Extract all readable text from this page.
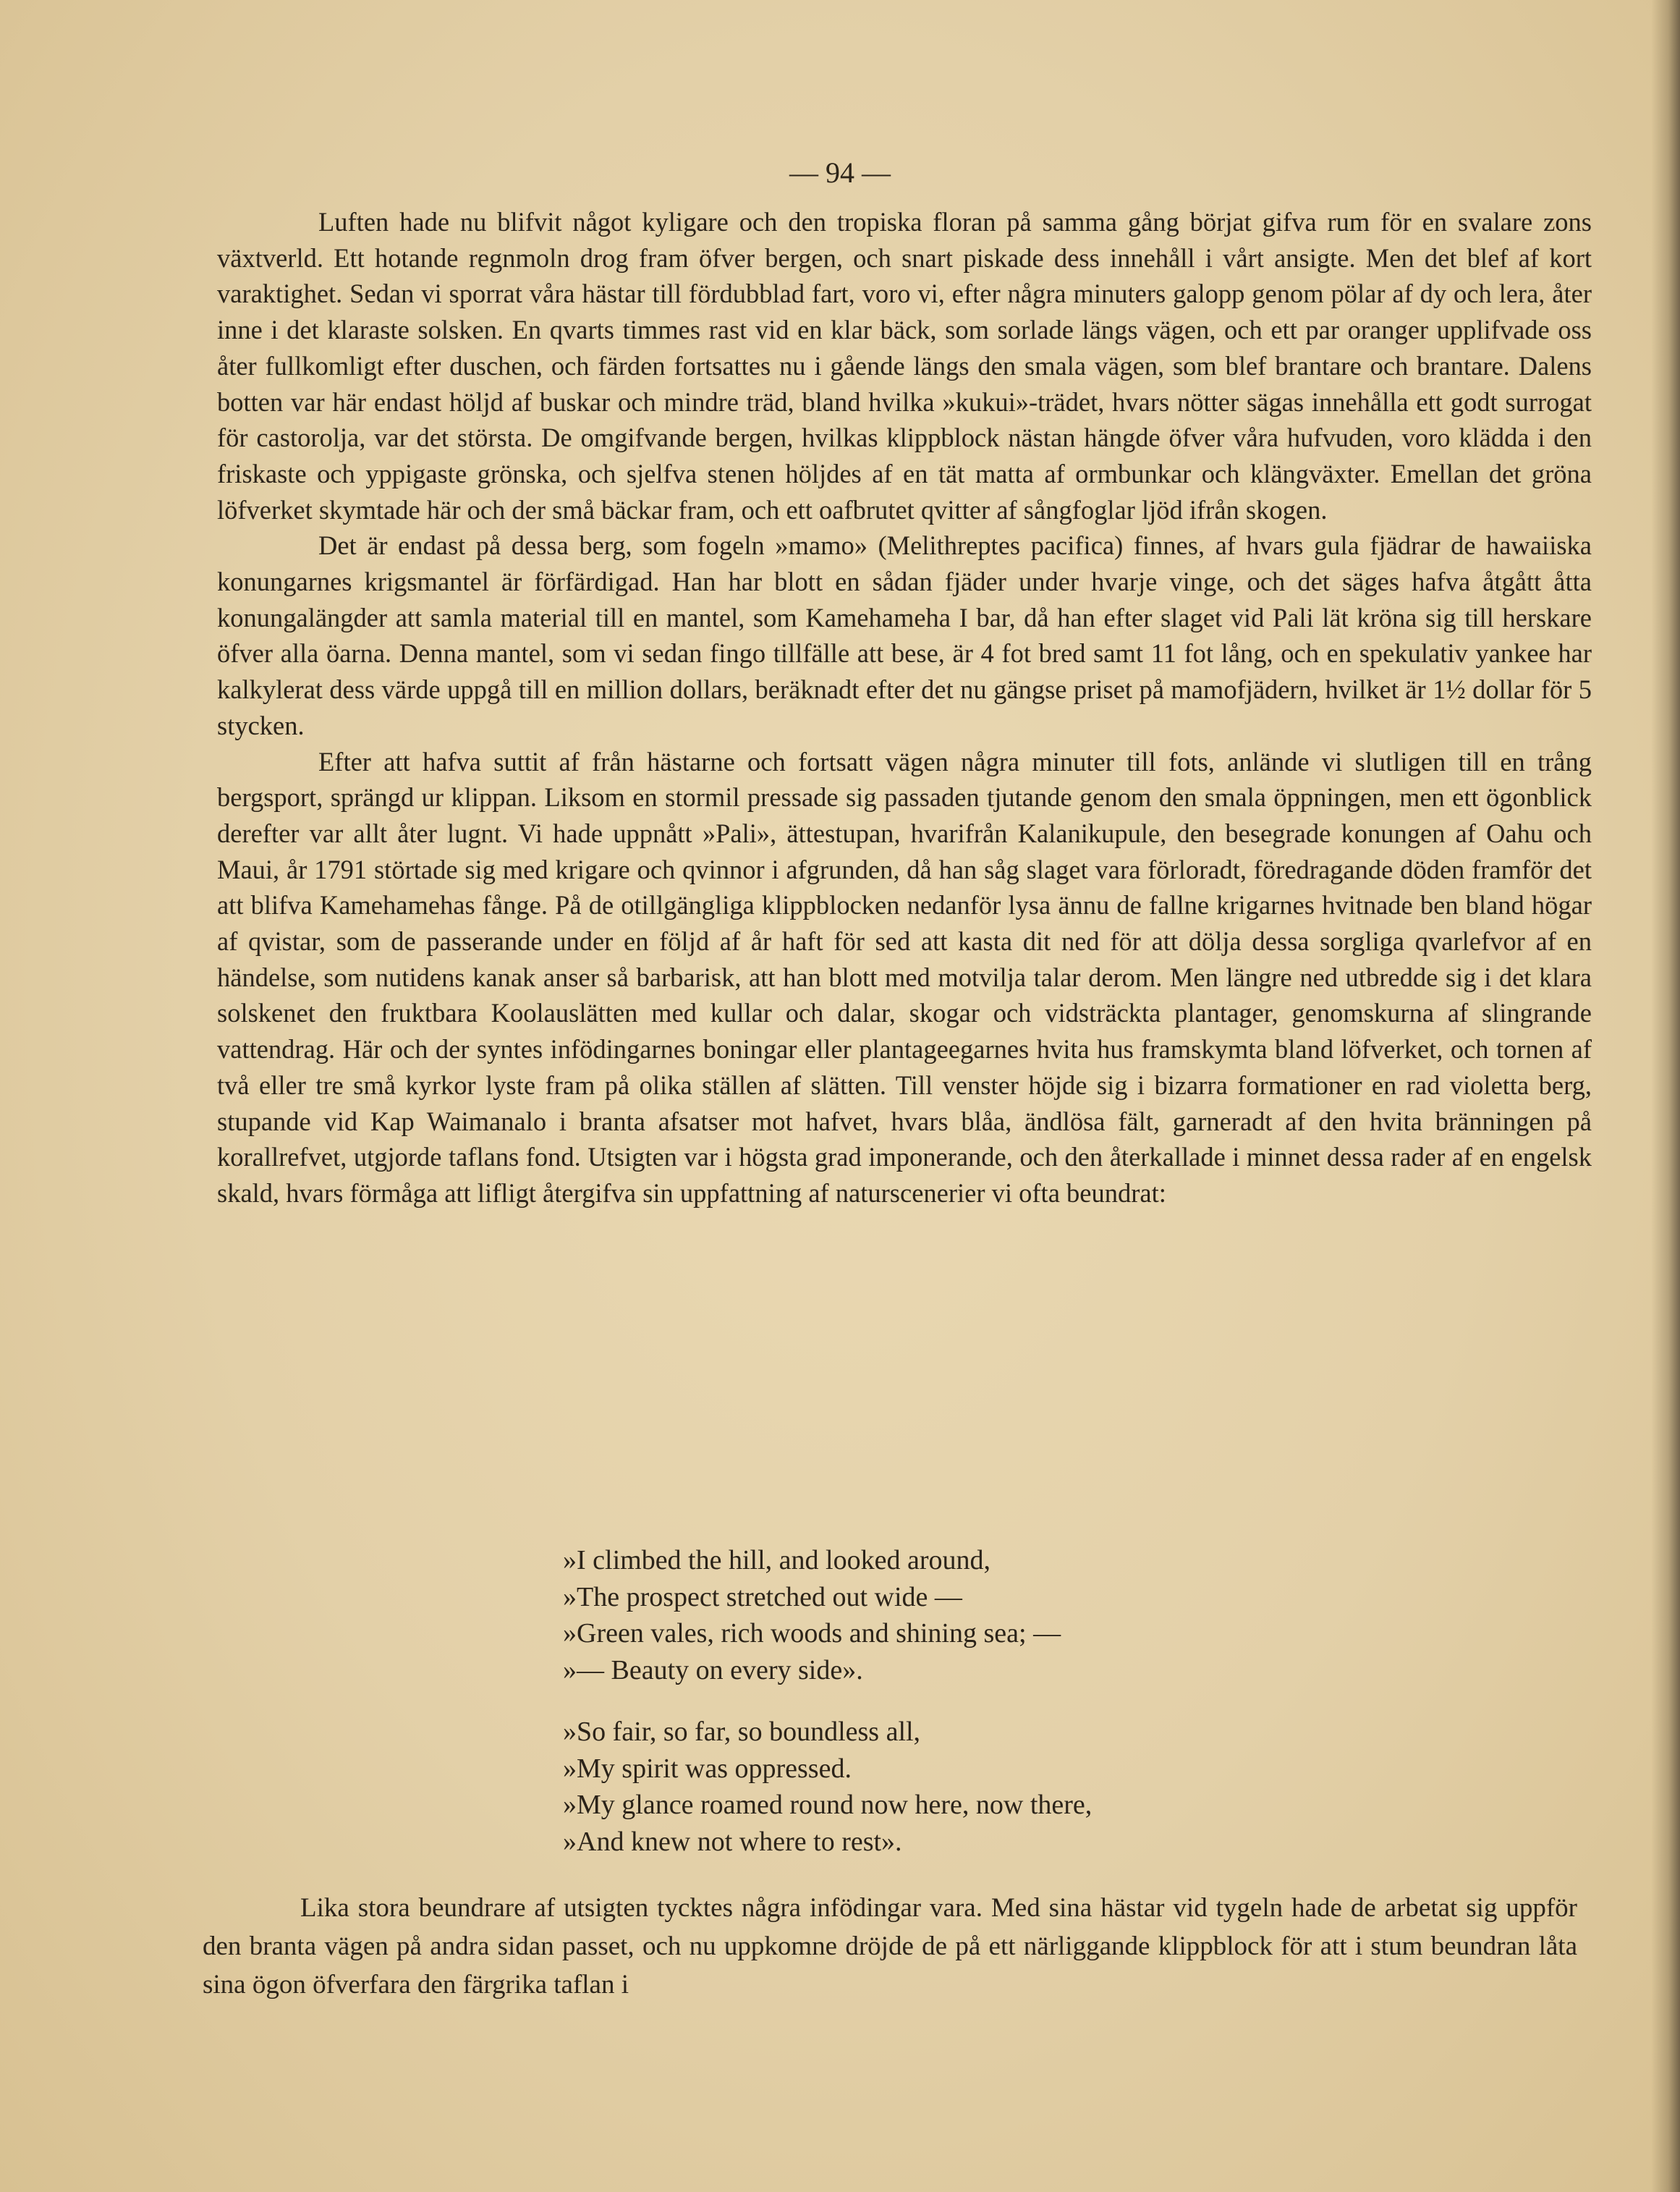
— 94 —

Luften hade nu blifvit något kyligare och den tropiska floran på samma gång börjat gifva rum för en svalare zons växtverld. Ett hotande regnmoln drog fram öfver bergen, och snart piskade dess innehåll i vårt ansigte. Men det blef af kort varaktighet. Sedan vi sporrat våra hästar till fördubblad fart, voro vi, efter några minuters galopp genom pölar af dy och lera, åter inne i det klaraste solsken. En qvarts timmes rast vid en klar bäck, som sorlade längs vägen, och ett par oranger upplifvade oss åter fullkomligt efter duschen, och färden fortsattes nu i gående längs den smala vägen, som blef brantare och brantare. Dalens botten var här endast höljd af buskar och mindre träd, bland hvilka »kukui»-trädet, hvars nötter sägas innehålla ett godt surrogat för castorolja, var det största. De omgifvande bergen, hvilkas klippblock nästan hängde öfver våra hufvuden, voro klädda i den friskaste och yppigaste grönska, och sjelfva stenen höljdes af en tät matta af ormbunkar och klängväxter. Emellan det gröna löfverket skymtade här och der små bäckar fram, och ett oafbrutet qvitter af sångfoglar ljöd ifrån skogen.

Det är endast på dessa berg, som fogeln »mamo» (Melithreptes pacifica) finnes, af hvars gula fjädrar de hawaiiska konungarnes krigsmantel är förfärdigad. Han har blott en sådan fjäder under hvarje vinge, och det säges hafva åtgått åtta konungalängder att samla material till en mantel, som Kamehameha I bar, då han efter slaget vid Pali lät kröna sig till herskare öfver alla öarna. Denna mantel, som vi sedan fingo tillfälle att bese, är 4 fot bred samt 11 fot lång, och en spekulativ yankee har kalkylerat dess värde uppgå till en million dollars, beräknadt efter det nu gängse priset på mamofjädern, hvilket är 1½ dollar för 5 stycken.

Efter att hafva suttit af från hästarne och fortsatt vägen några minuter till fots, anlände vi slutligen till en trång bergsport, sprängd ur klippan. Liksom en stormil pressade sig passaden tjutande genom den smala öppningen, men ett ögonblick derefter var allt åter lugnt. Vi hade uppnått »Pali», ättestupan, hvarifrån Kalanikupule, den besegrade konungen af Oahu och Maui, år 1791 störtade sig med krigare och qvinnor i afgrunden, då han såg slaget vara förloradt, föredragande döden framför det att blifva Kamehamehas fånge. På de otillgängliga klippblocken nedanför lysa ännu de fallne krigarnes hvitnade ben bland högar af qvistar, som de passerande under en följd af år haft för sed att kasta dit ned för att dölja dessa sorgliga qvarlefvor af en händelse, som nutidens kanak anser så barbarisk, att han blott med motvilja talar derom. Men längre ned utbredde sig i det klara solskenet den fruktbara Koolauslätten med kullar och dalar, skogar och vidsträckta plantager, genomskurna af slingrande vattendrag. Här och der syntes infödingarnes boningar eller plantageegarnes hvita hus framskymta bland löfverket, och tornen af två eller tre små kyrkor lyste fram på olika ställen af slätten. Till venster höjde sig i bizarra formationer en rad violetta berg, stupande vid Kap Waimanalo i branta afsatser mot hafvet, hvars blåa, ändlösa fält, garneradt af den hvita bränningen på korallrefvet, utgjorde taflans fond. Utsigten var i högsta grad imponerande, och den återkallade i minnet dessa rader af en engelsk skald, hvars förmåga att lifligt återgifva sin uppfattning af naturscenerier vi ofta beundrat:

»I climbed the hill, and looked around,
»The prospect stretched out wide —
»Green vales, rich woods and shining sea; —
»— Beauty on every side».
»So fair, so far, so boundless all,
»My spirit was oppressed.
»My glance roamed round now here, now there,
»And knew not where to rest».

Lika stora beundrare af utsigten tycktes några infödingar vara. Med sina hästar vid tygeln hade de arbetat sig uppför den branta vägen på andra sidan passet, och nu uppkomne dröjde de på ett närliggande klippblock för att i stum beundran låta sina ögon öfverfara den färgrika taflan i
